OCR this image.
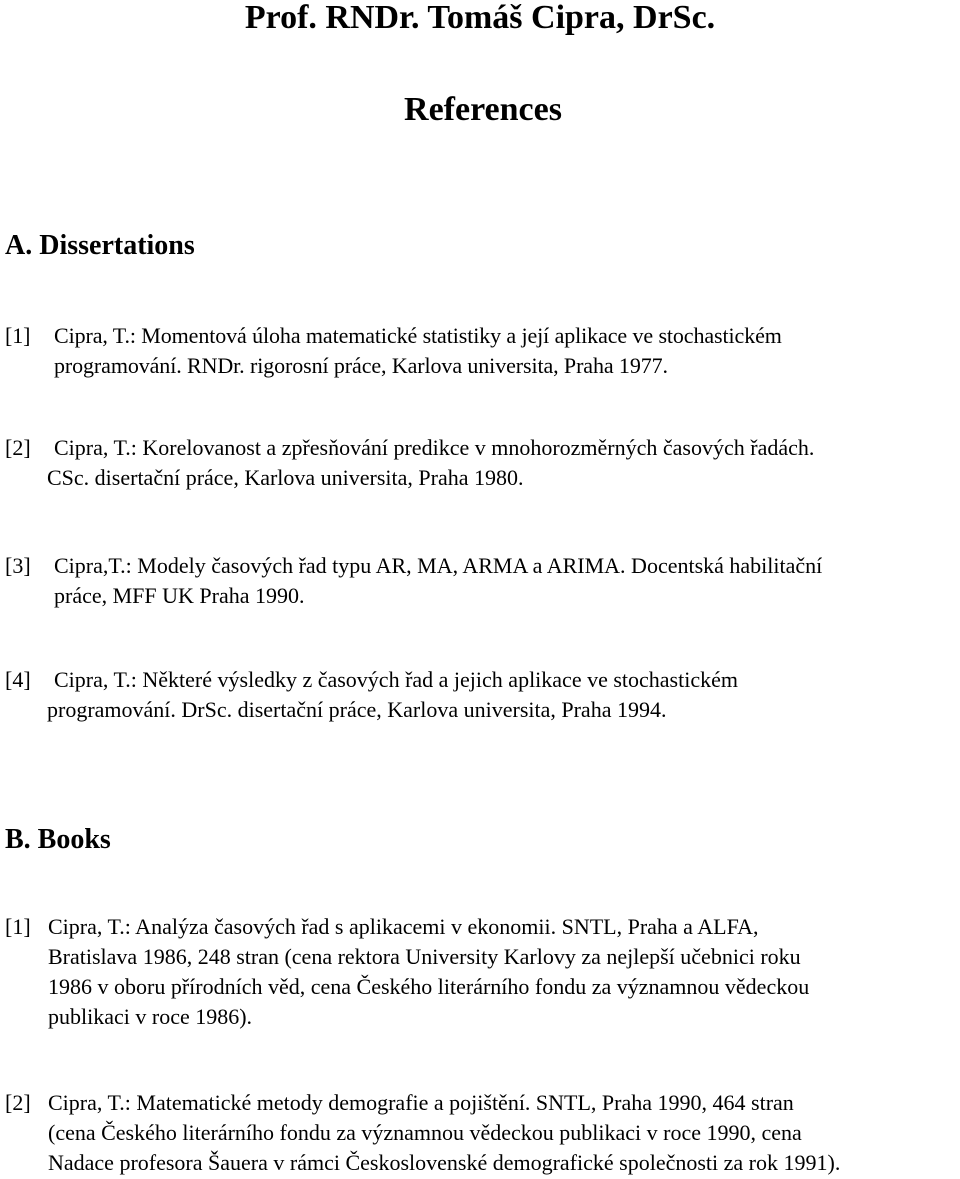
Prof. RNDr. Tomáš Cipra, DrSc.
References
A. Dissertations
[1] Cipra, T.: Momentová úloha matematické statistiky a její aplikace ve stochastickém
programování. RNDr. rigorosní práce, Karlova universita, Praha 1977.
[2] Cipra, T.: Korelovanost a zpřesňování predikce v mnohorozměrných časových řadách.
CSc. disertační práce, Karlova universita, Praha 1980.
[3] Cipra,T.: Modely časových řad typu AR, MA, ARMA a ARIMA. Docentská habilitační
práce, MFF UK Praha 1990.
[4] Cipra, T.: Některé výsledky z časových řad a jejich aplikace ve stochastickém
programování. DrSc. disertační práce, Karlova universita, Praha 1994.
B. Books
[1] Cipra, T.: Analýza časových řad s aplikacemi v ekonomii. SNTL, Praha a ALFA,
Bratislava 1986, 248 stran (cena rektora University Karlovy za nejlepší učebnici roku
1986 v oboru přírodních věd, cena Českého literárního fondu za významnou vědeckou
publikaci v roce 1986).
[2] Cipra, T.: Matematické metody demografie a pojištění. SNTL, Praha 1990, 464 stran
(cena Českého literárního fondu za významnou vědeckou publikaci v roce 1990, cena
Nadace profesora Šauera v rámci Československé demografické společnosti za rok 1991).
